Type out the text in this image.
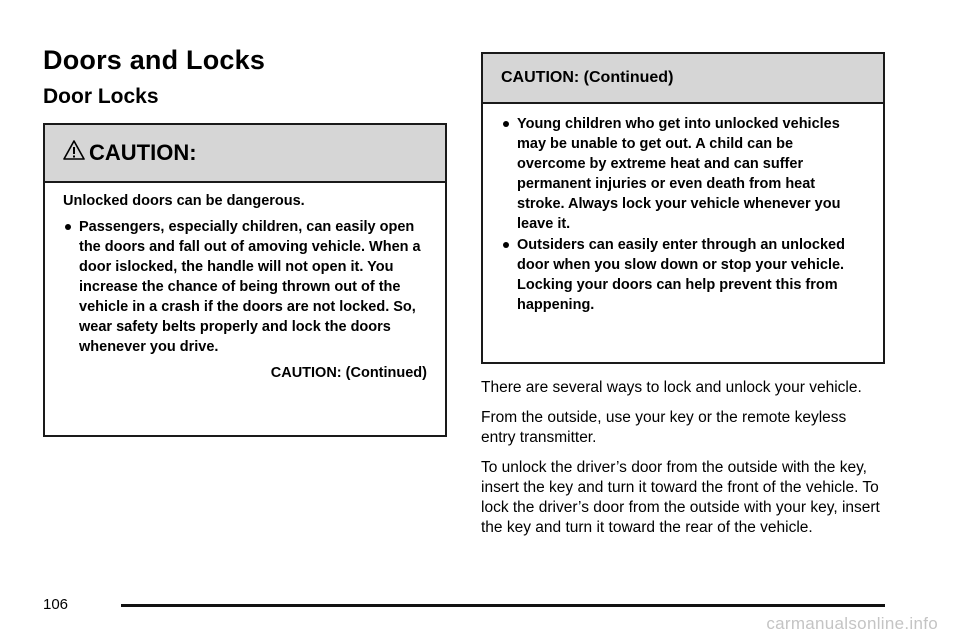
Doors and Locks
Door Locks
CAUTION:

Unlocked doors can be dangerous.

Passengers, especially children, can easily open the doors and fall out of amoving vehicle. When a door islocked, the handle will not open it. You increase the chance of being thrown out of the vehicle in a crash if the doors are not locked. So, wear safety belts properly and lock the doors whenever you drive.
CAUTION: (Continued)
CAUTION: (Continued)
Young children who get into unlocked vehicles may be unable to get out. A child can be overcome by extreme heat and can suffer permanent injuries or even death from heat stroke. Always lock your vehicle whenever you leave it.
Outsiders can easily enter through an unlocked door when you slow down or stop your vehicle. Locking your doors can help prevent this from happening.

There are several ways to lock and unlock your vehicle.

From the outside, use your key or the remote keyless entry transmitter.

To unlock the driver’s door from the outside with the key, insert the key and turn it toward the front of the vehicle. To lock the driver’s door from the outside with your key, insert the key and turn it toward the rear of the vehicle.

106
carmanualsonline.info
